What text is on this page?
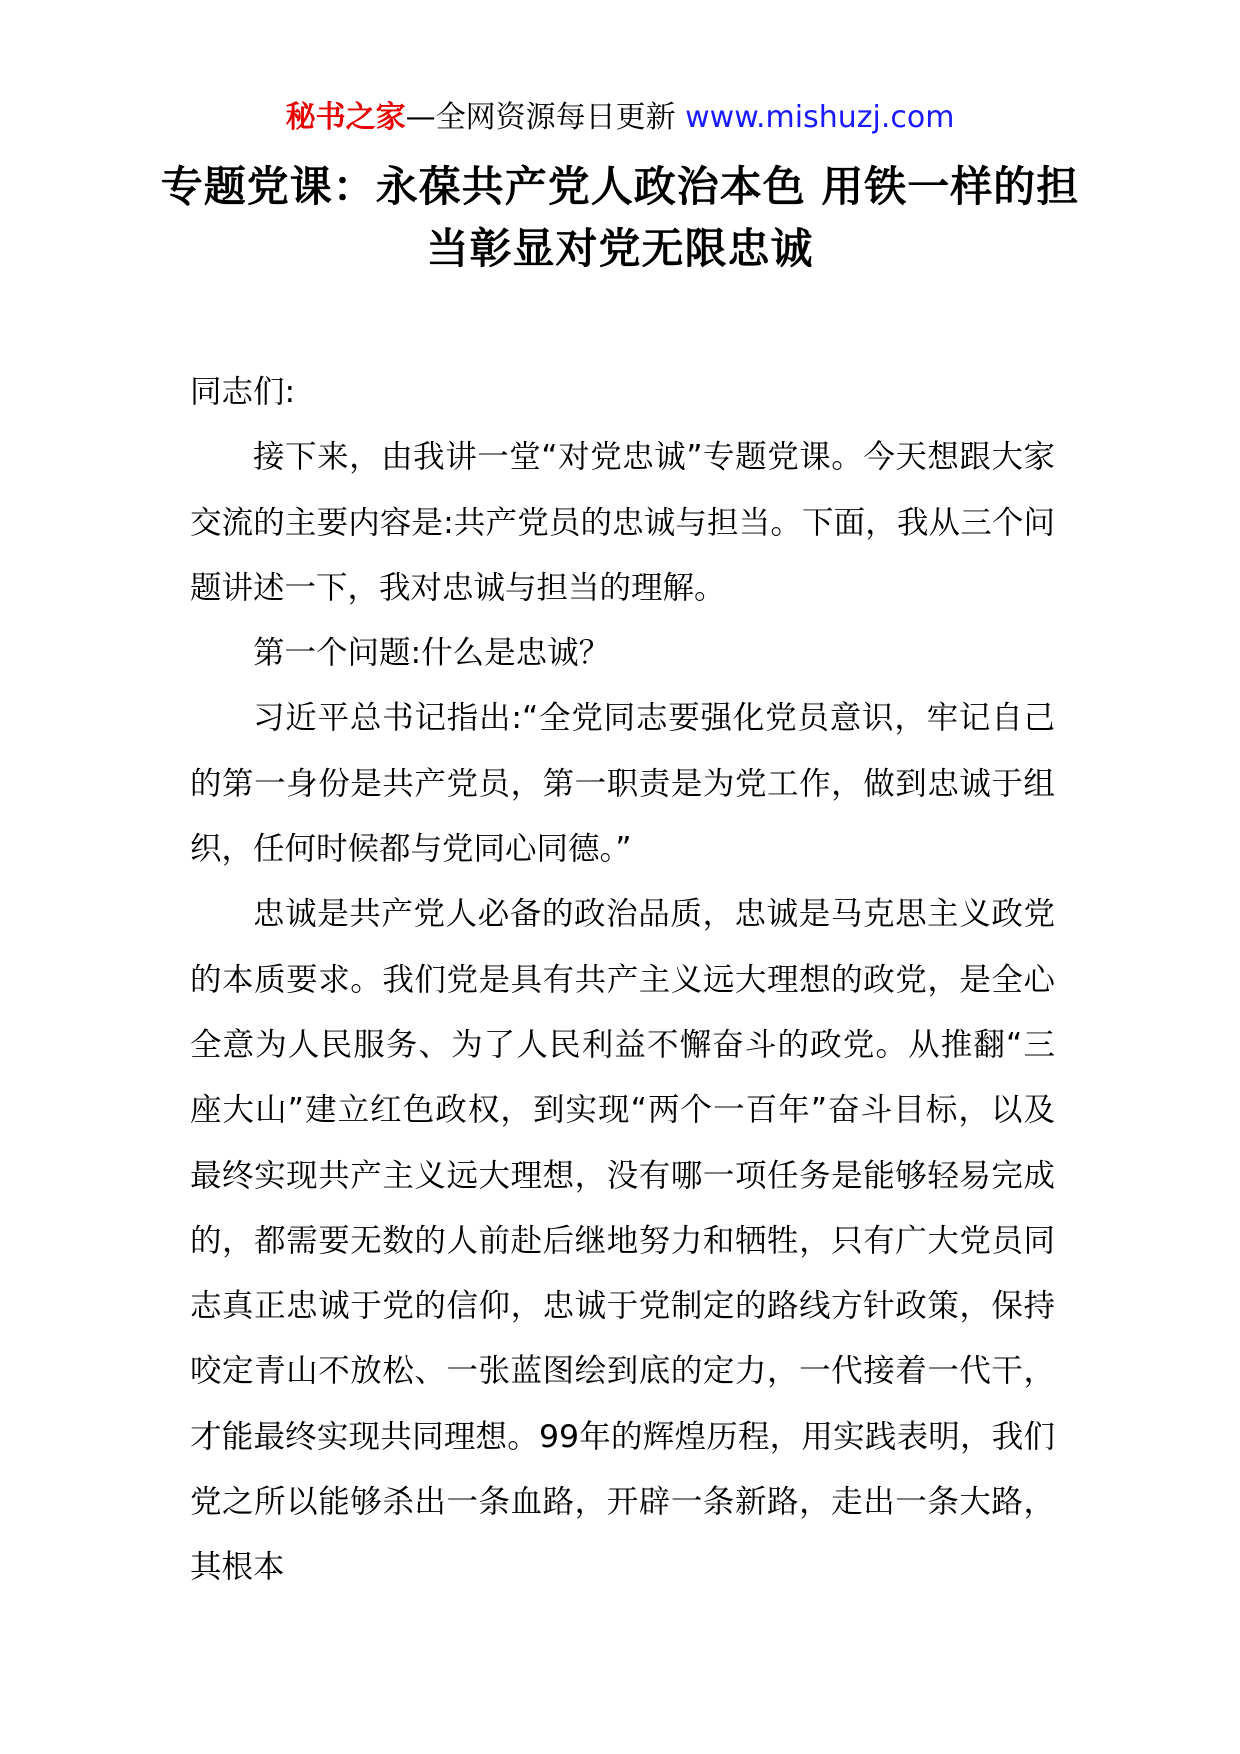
秘书之家—全网资源每日更新 www.mishuzj.com
专题党课：永葆共产党人政治本色 用铁一样的担当彰显对党无限忠诚

同志们:

接下来，由我讲一堂“对党忠诚”专题党课。今天想跟大家交流的主要内容是:共产党员的忠诚与担当。下面，我从三个问题讲述一下，我对忠诚与担当的理解。

第一个问题:什么是忠诚？

习近平总书记指出:“全党同志要强化党员意识，牢记自己的第一身份是共产党员，第一职责是为党工作，做到忠诚于组织，任何时候都与党同心同德。”

忠诚是共产党人必备的政治品质，忠诚是马克思主义政党的本质要求。我们党是具有共产主义远大理想的政党，是全心全意为人民服务、为了人民利益不懈奋斗的政党。从推翻“三座大山”建立红色政权，到实现“两个一百年”奋斗目标，以及最终实现共产主义远大理想，没有哪一项任务是能够轻易完成的，都需要无数的人前赴后继地努力和牺牲，只有广大党员同志真正忠诚于党的信仰，忠诚于党制定的路线方针政策，保持咬定青山不放松、一张蓝图绘到底的定力，一代接着一代干，才能最终实现共同理想。99年的辉煌历程，用实践表明，我们党之所以能够杀出一条血路，开辟一条新路，走出一条大路，其根本
